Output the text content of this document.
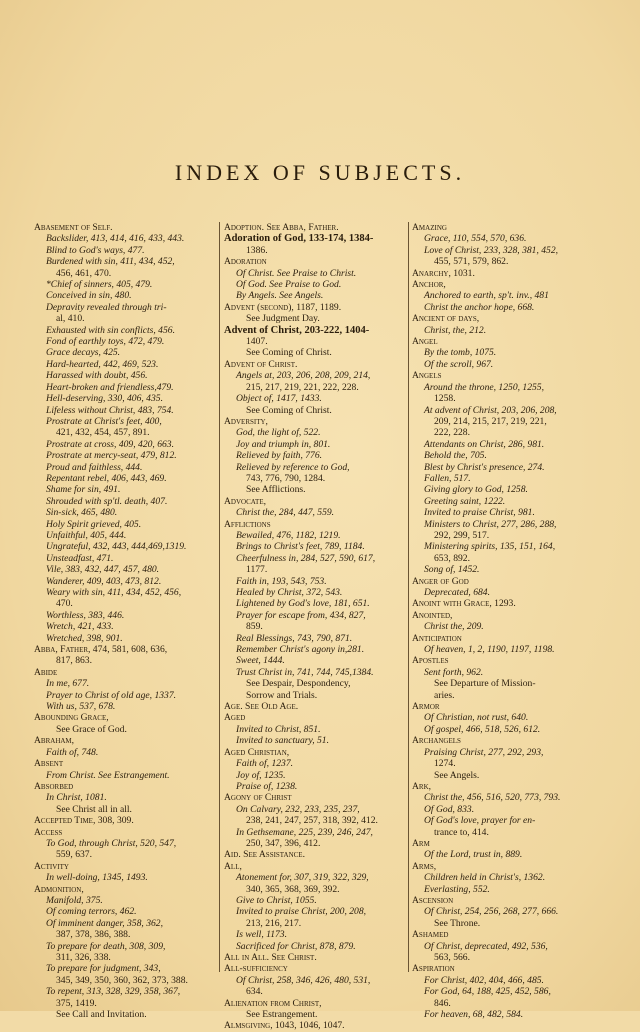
INDEX OF SUBJECTS.
Abasement of Self.
Backslider, 413, 414, 416, 433, 443.
Blind to God's ways, 477.
Burdened with sin, 411, 434, 452,
456, 461, 470.
*Chief of sinners, 405, 479.
Conceived in sin, 480.
Depravity revealed through tri-
al, 410.
Exhausted with sin conflicts, 456.
Fond of earthly toys, 472, 479.
Grace decays, 425.
Hard-hearted, 442, 469, 523.
Harassed with doubt, 456.
Heart-broken and friendless,479.
Hell-deserving, 330, 406, 435.
Lifeless without Christ, 483, 754.
Prostrate at Christ's feet, 400,
421, 432, 454, 457, 891.
Prostrate at cross, 409, 420, 663.
Prostrate at mercy-seat, 479, 812.
Proud and faithless, 444.
Repentant rebel, 406, 443, 469.
Shame for sin, 491.
Shrouded with sp'tl. death, 407.
Sin-sick, 465, 480.
Holy Spirit grieved, 405.
Unfaithful, 405, 444.
Ungrateful, 432, 443, 444,469,1319.
Unsteadfast, 471.
Vile, 383, 432, 447, 457, 480.
Wanderer, 409, 403, 473, 812.
Weary with sin, 411, 434, 452, 456,
470.
Worthless, 383, 446.
Wretch, 421, 433.
Wretched, 398, 901.
Abba, Father, 474, 581, 608, 636,
817, 863.
Abide
In me, 677.
Prayer to Christ of old age, 1337.
With us, 537, 678.
Abounding Grace,
See Grace of God.
Abraham,
Faith of, 748.
Absent
From Christ. See Estrangement.
Absorbed
In Christ, 1081.
See Christ all in all.
Accepted Time, 308, 309.
Access
To God, through Christ, 520, 547,
559, 637.
Activity
In well-doing, 1345, 1493.
Admonition,
Manifold, 375.
Of coming terrors, 462.
Of imminent danger, 358, 362,
387, 378, 386, 388.
To prepare for death, 308, 309,
311, 326, 338.
To prepare for judgment, 343,
345, 349, 350, 360, 362, 373, 388.
To repent, 313, 328, 329, 358, 367,
375, 1419.
See Call and Invitation.
Adoption. See Abba, Father.
Adoration of God, 133-174, 1384-
1386.
Adoration
Of Christ. See Praise to Christ.
Of God. See Praise to God.
By Angels. See Angels.
Advent (second), 1187, 1189.
See Judgment Day.
Advent of Christ, 203-222, 1404-
1407.
See Coming of Christ.
Advent of Christ.
Angels at, 203, 206, 208, 209, 214,
215, 217, 219, 221, 222, 228.
Object of, 1417, 1433.
See Coming of Christ.
Adversity,
God, the light of, 522.
Joy and triumph in, 801.
Relieved by faith, 776.
Relieved by reference to God,
743, 776, 790, 1284.
See Afflictions.
Advocate,
Christ the, 284, 447, 559.
Afflictions
Bewailed, 476, 1182, 1219.
Brings to Christ's feet, 789, 1184.
Cheerfulness in, 284, 527, 590, 617,
1177.
Faith in, 193, 543, 753.
Healed by Christ, 372, 543.
Lightened by God's love, 181, 651.
Prayer for escape from, 434, 827,
859.
Real Blessings, 743, 790, 871.
Remember Christ's agony in,281.
Sweet, 1444.
Trust Christ in, 741, 744, 745,1384.
See Despair, Despondency,
Sorrow and Trials.
Age. See Old Age.
Aged
Invited to Christ, 851.
Invited to sanctuary, 51.
Aged Christian,
Faith of, 1237.
Joy of, 1235.
Praise of, 1238.
Agony of Christ
On Calvary, 232, 233, 235, 237,
238, 241, 247, 257, 318, 392, 412.
In Gethsemane, 225, 239, 246, 247,
250, 347, 396, 412.
Aid. See Assistance.
All,
Atonement for, 307, 319, 322, 329,
340, 365, 368, 369, 392.
Give to Christ, 1055.
Invited to praise Christ, 200, 208,
213, 216, 217.
Is well, 1173.
Sacrificed for Christ, 878, 879.
All in All. See Christ.
All-sufficiency
Of Christ, 258, 346, 426, 480, 531,
634.
Alienation from Christ,
See Estrangement.
Almsgiving, 1043, 1046, 1047.
Amazing
Grace, 110, 554, 570, 636.
Love of Christ, 233, 328, 381, 452,
455, 571, 579, 862.
Anarchy, 1031.
Anchor,
Anchored to earth, sp't. inv., 481
Christ the anchor hope, 668.
Ancient of days,
Christ, the, 212.
Angel
By the tomb, 1075.
Of the scroll, 967.
Angels
Around the throne, 1250, 1255,
1258.
At advent of Christ, 203, 206, 208,
209, 214, 215, 217, 219, 221,
222, 228.
Attendants on Christ, 286, 981.
Behold the, 705.
Blest by Christ's presence, 274.
Fallen, 517.
Giving glory to God, 1258.
Greeting saint, 1222.
Invited to praise Christ, 981.
Ministers to Christ, 277, 286, 288,
292, 299, 517.
Ministering spirits, 135, 151, 164,
653, 892.
Song of, 1452.
Anger of God
Deprecated, 684.
Anoint with Grace, 1293.
Anointed,
Christ the, 209.
Anticipation
Of heaven, 1, 2, 1190, 1197, 1198.
Apostles
Sent forth, 962.
See Departure of Mission-
aries.
Armor
Of Christian, not rust, 640.
Of gospel, 466, 518, 526, 612.
Archangels
Praising Christ, 277, 292, 293,
1274.
See Angels.
Ark,
Christ the, 456, 516, 520, 773, 793.
Of God, 833.
Of God's love, prayer for en-
trance to, 414.
Arm
Of the Lord, trust in, 889.
Arms,
Children held in Christ's, 1362.
Everlasting, 552.
Ascension
Of Christ, 254, 256, 268, 277, 666.
See Throne.
Ashamed
Of Christ, deprecated, 492, 536,
563, 566.
Aspiration
For Christ, 402, 404, 466, 485.
For God, 64, 188, 425, 452, 586,
846.
For heaven, 68, 482, 584.
